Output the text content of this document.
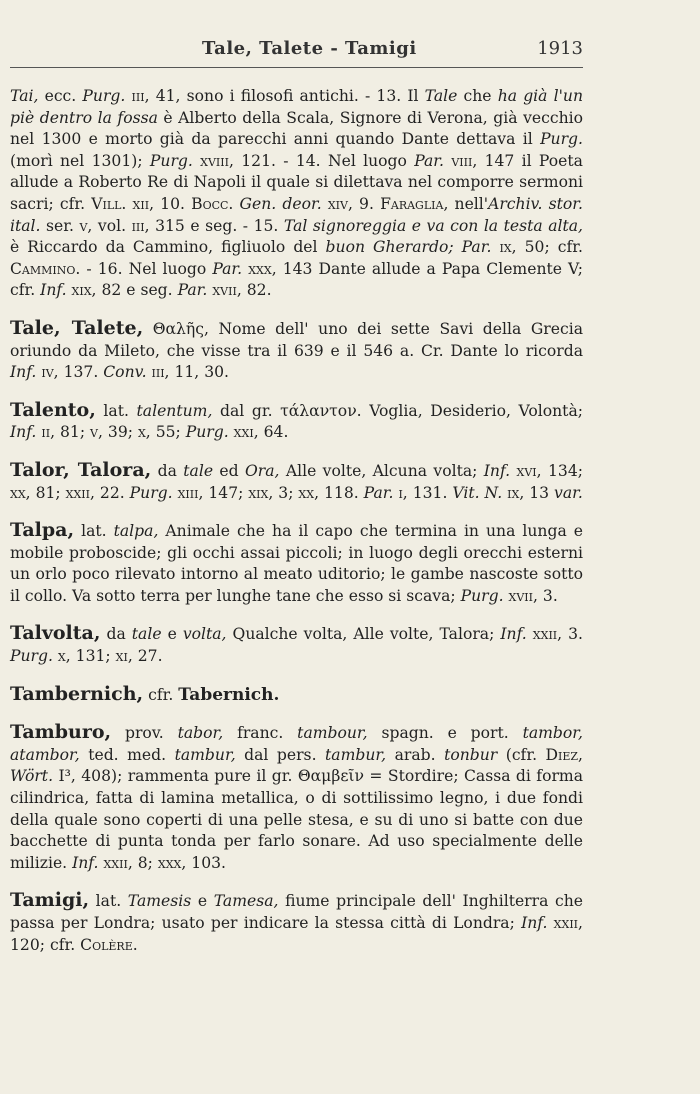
Tale, Talete - Tamigi	1913

Tai, ecc. Purg. iii, 41, sono i filosofi antichi. - 13. Il Tale che ha già l'un piè dentro la fossa è Alberto della Scala, Signore di Verona, già vecchio nel 1300 e morto già da parecchi anni quando Dante dettava il Purg. (morì nel 1301); Purg. xviii, 121. - 14. Nel luogo Par. viii, 147 il Poeta allude a Roberto Re di Napoli il quale si dilettava nel comporre sermoni sacri; cfr. Vill. xii, 10. Bocc. Gen. deor. xiv, 9. Faraglia, nell'Archiv. stor. ital. ser. v, vol. iii, 315 e seg. - 15. Tal signoreggia e va con la testa alta, è Riccardo da Cammino, figliuolo del buon Gherardo; Par. ix, 50; cfr. Cammino. - 16. Nel luogo Par. xxx, 143 Dante allude a Papa Clemente V; cfr. Inf. xix, 82 e seg. Par. xvii, 82.

Tale, Talete, Θαλῆς, Nome dell' uno dei sette Savi della Grecia oriundo da Mileto, che visse tra il 639 e il 546 a. Cr. Dante lo ricorda Inf. iv, 137. Conv. iii, 11, 30.

Talento, lat. talentum, dal gr. τάλαντον. Voglia, Desiderio, Volontà; Inf. ii, 81; v, 39; x, 55; Purg. xxi, 64.

Talor, Talora, da tale ed Ora, Alle volte, Alcuna volta; Inf. xvi, 134; xx, 81; xxii, 22. Purg. xiii, 147; xix, 3; xx, 118. Par. i, 131. Vit. N. ix, 13 var.

Talpa, lat. talpa, Animale che ha il capo che termina in una lunga e mobile proboscide; gli occhi assai piccoli; in luogo degli orecchi esterni un orlo poco rilevato intorno al meato uditorio; le gambe nascoste sotto il collo. Va sotto terra per lunghe tane che esso si scava; Purg. xvii, 3.

Talvolta, da tale e volta, Qualche volta, Alle volte, Talora; Inf. xxii, 3. Purg. x, 131; xi, 27.

Tambernich, cfr. Tabernich.

Tamburo, prov. tabor, franc. tambour, spagn. e port. tambor, atambor, ted. med. tambur, dal pers. tambur, arab. tonbur (cfr. Diez, Wört. I³, 408); rammenta pure il gr. Θαμβεῖν = Stordire; Cassa di forma cilindrica, fatta di lamina metallica, o di sottilissimo legno, i due fondi della quale sono coperti di una pelle stesa, e su di uno si batte con due bacchette di punta tonda per farlo sonare. Ad uso specialmente delle milizie. Inf. xxii, 8; xxx, 103.

Tamigi, lat. Tamesis e Tamesa, fiume principale dell' Inghilterra che passa per Londra; usato per indicare la stessa città di Londra; Inf. xxii, 120; cfr. Colère.
